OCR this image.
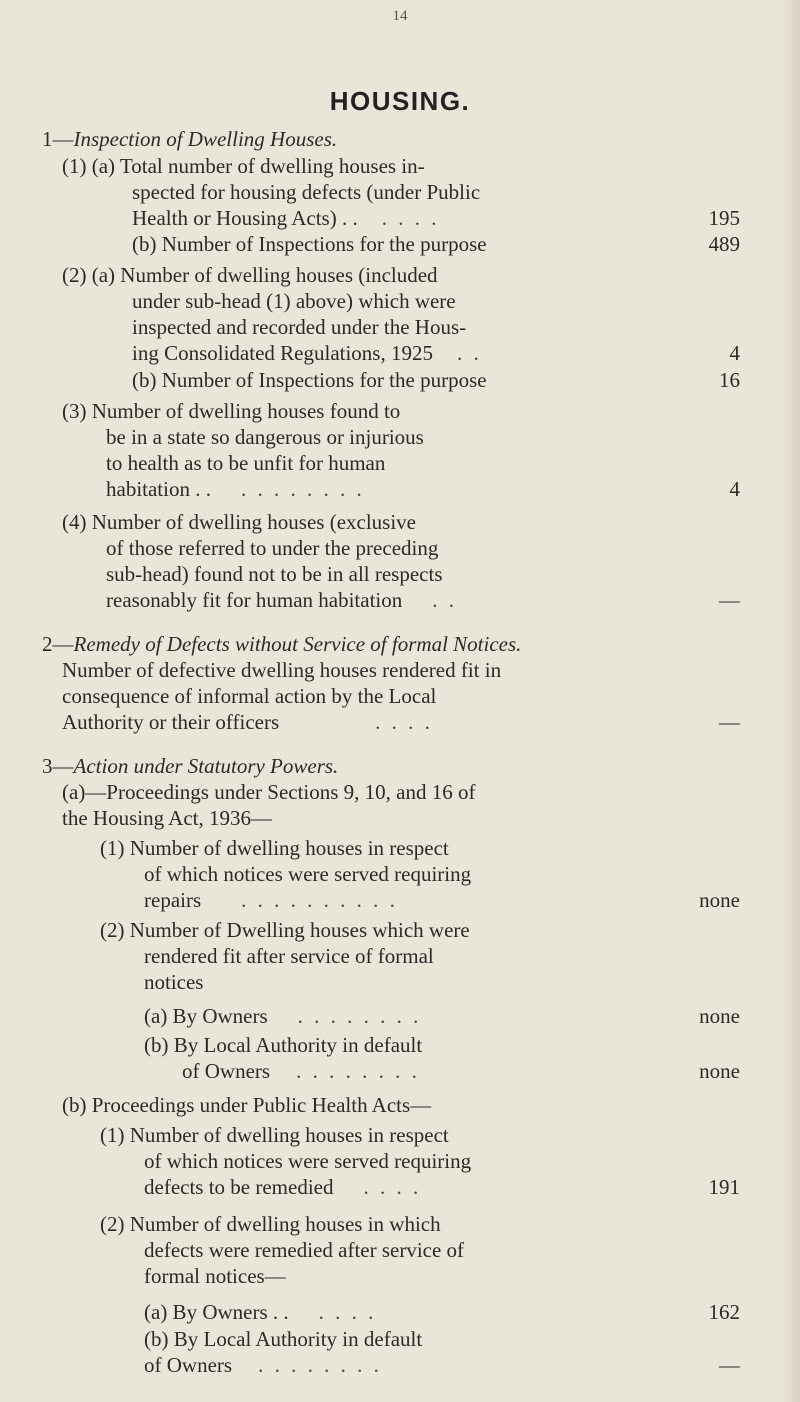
14
HOUSING.
1—Inspection of Dwelling Houses.
(1) (a) Total number of dwelling houses in-
spected for housing defects (under Public
Health or Housing Acts) . . . . . .	195
(b) Number of Inspections for the purpose	489
(2) (a) Number of dwelling houses (included
under sub-head (1) above) which were
inspected and recorded under the Hous-
ing Consolidated Regulations, 1925 . .	4
(b) Number of Inspections for the purpose	16
(3) Number of dwelling houses found to
be in a state so dangerous or injurious
to health as to be unfit for human
habitation . . . . . . . . . .	4
(4) Number of dwelling houses (exclusive
of those referred to under the preceding
sub-head) found not to be in all respects
reasonably fit for human habitation . .	—
2—Remedy of Defects without Service of formal Notices.
Number of defective dwelling houses rendered fit in
consequence of informal action by the Local
Authority or their officers	. . . .	—
3—Action under Statutory Powers.
(a)—Proceedings under Sections 9, 10, and 16 of
the Housing Act, 1936—
(1) Number of dwelling houses in respect
of which notices were served requiring
repairs . . . . . . . . . .	none
(2) Number of Dwelling houses which were
rendered fit after service of formal
notices
(a) By Owners . . . . . . . .	none
(b) By Local Authority in default
of Owners . . . . . . . .	none
(b) Proceedings under Public Health Acts—
(1) Number of dwelling houses in respect
of which notices were served requiring
defects to be remedied . . . .	191
(2) Number of dwelling houses in which
defects were remedied after service of
formal notices—
(a) By Owners . . . . . .	162
(b) By Local Authority in default
of Owners . . . . . . . .	—
